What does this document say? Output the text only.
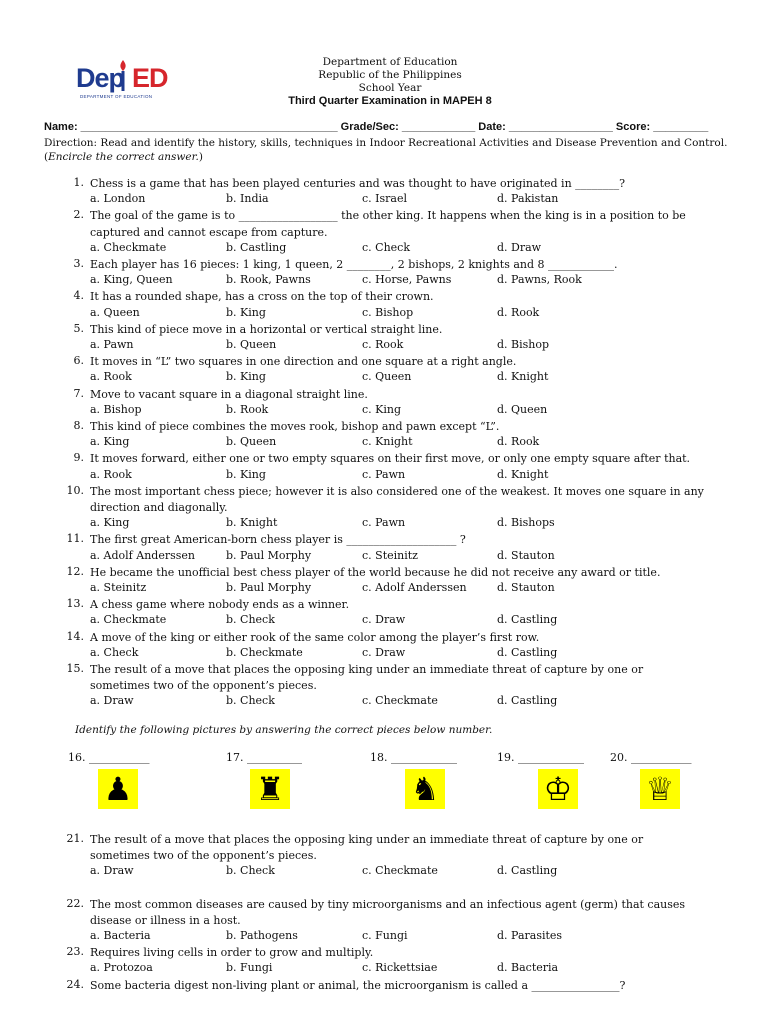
Dep ED
DEPARTMENT OF EDUCATION
Department of Education
Republic of the Philippines
School Year
Third Quarter Examination in MAPEH 8
Name: __________________________________________ Grade/Sec: ____________ Date: _________________ Score: _________
Direction: Read and identify the history, skills, techniques in Indoor Recreational Activities and Disease Prevention and Control. (Encircle the correct answer.)
1. Chess is a game that has been played centuries and was thought to have originated in ________?
a. London	b. India	c. Israel	d. Pakistan
2. The goal of the game is to __________________ the other king. It happens when the king is in a position to be
captured and cannot escape from capture.
a. Checkmate	b. Castling	c. Check	d. Draw
3. Each player has 16 pieces: 1 king, 1 queen, 2 ________, 2 bishops, 2 knights and 8 ____________.
a. King, Queen	b. Rook, Pawns	c. Horse, Pawns	d. Pawns, Rook
4. It has a rounded shape, has a cross on the top of their crown.
a. Queen	b. King	c. Bishop	d. Rook
5. This kind of piece move in a horizontal or vertical straight line.
a. Pawn	b. Queen	c. Rook	d. Bishop
6. It moves in “L” two squares in one direction and one square at a right angle.
a. Rook	b. King	c. Queen	d. Knight
7. Move to vacant square in a diagonal straight line.
a. Bishop	b. Rook	c. King	d. Queen
8. This kind of piece combines the moves rook, bishop and pawn except “L”.
a. King	b. Queen	c. Knight	d. Rook
9. It moves forward, either one or two empty squares on their first move, or only one empty square after that.
a. Rook	b. King	c. Pawn	d. Knight
10. The most important chess piece; however it is also considered one of the weakest. It moves one square in any
direction and diagonally.
a. King	b. Knight	c. Pawn	d. Bishops
11. The first great American-born chess player is ____________________ ?
a. Adolf Anderssen	b. Paul Morphy	c. Steinitz	d. Stauton
12. He became the unofficial best chess player of the world because he did not receive any award or title.
a. Steinitz	b. Paul Morphy	c. Adolf Anderssen	d. Stauton
13. A chess game where nobody ends as a winner.
a. Checkmate	b. Check	c. Draw	d. Castling
14. A move of the king or either rook of the same color among the player’s first row.
a. Check	b. Checkmate	c. Draw	d. Castling
15. The result of a move that places the opposing king under an immediate threat of capture by one or
sometimes two of the opponent’s pieces.
a. Draw	b. Check	c. Checkmate	d. Castling
Identify the following pictures by answering the correct pieces below number.
16. ___________
♟
17. __________
♜
18. ____________
♞
19. ____________
♔
20. ___________
♕
21. The result of a move that places the opposing king under an immediate threat of capture by one or
sometimes two of the opponent’s pieces.
a. Draw	b. Check	c. Checkmate	d. Castling
22. The most common diseases are caused by tiny microorganisms and an infectious agent (germ) that causes
disease or illness in a host.
a. Bacteria	b. Pathogens	c. Fungi	d. Parasites
23. Requires living cells in order to grow and multiply.
a. Protozoa	b. Fungi	c. Rickettsiae	d. Bacteria
24. Some bacteria digest non-living plant or animal, the microorganism is called a ________________?
